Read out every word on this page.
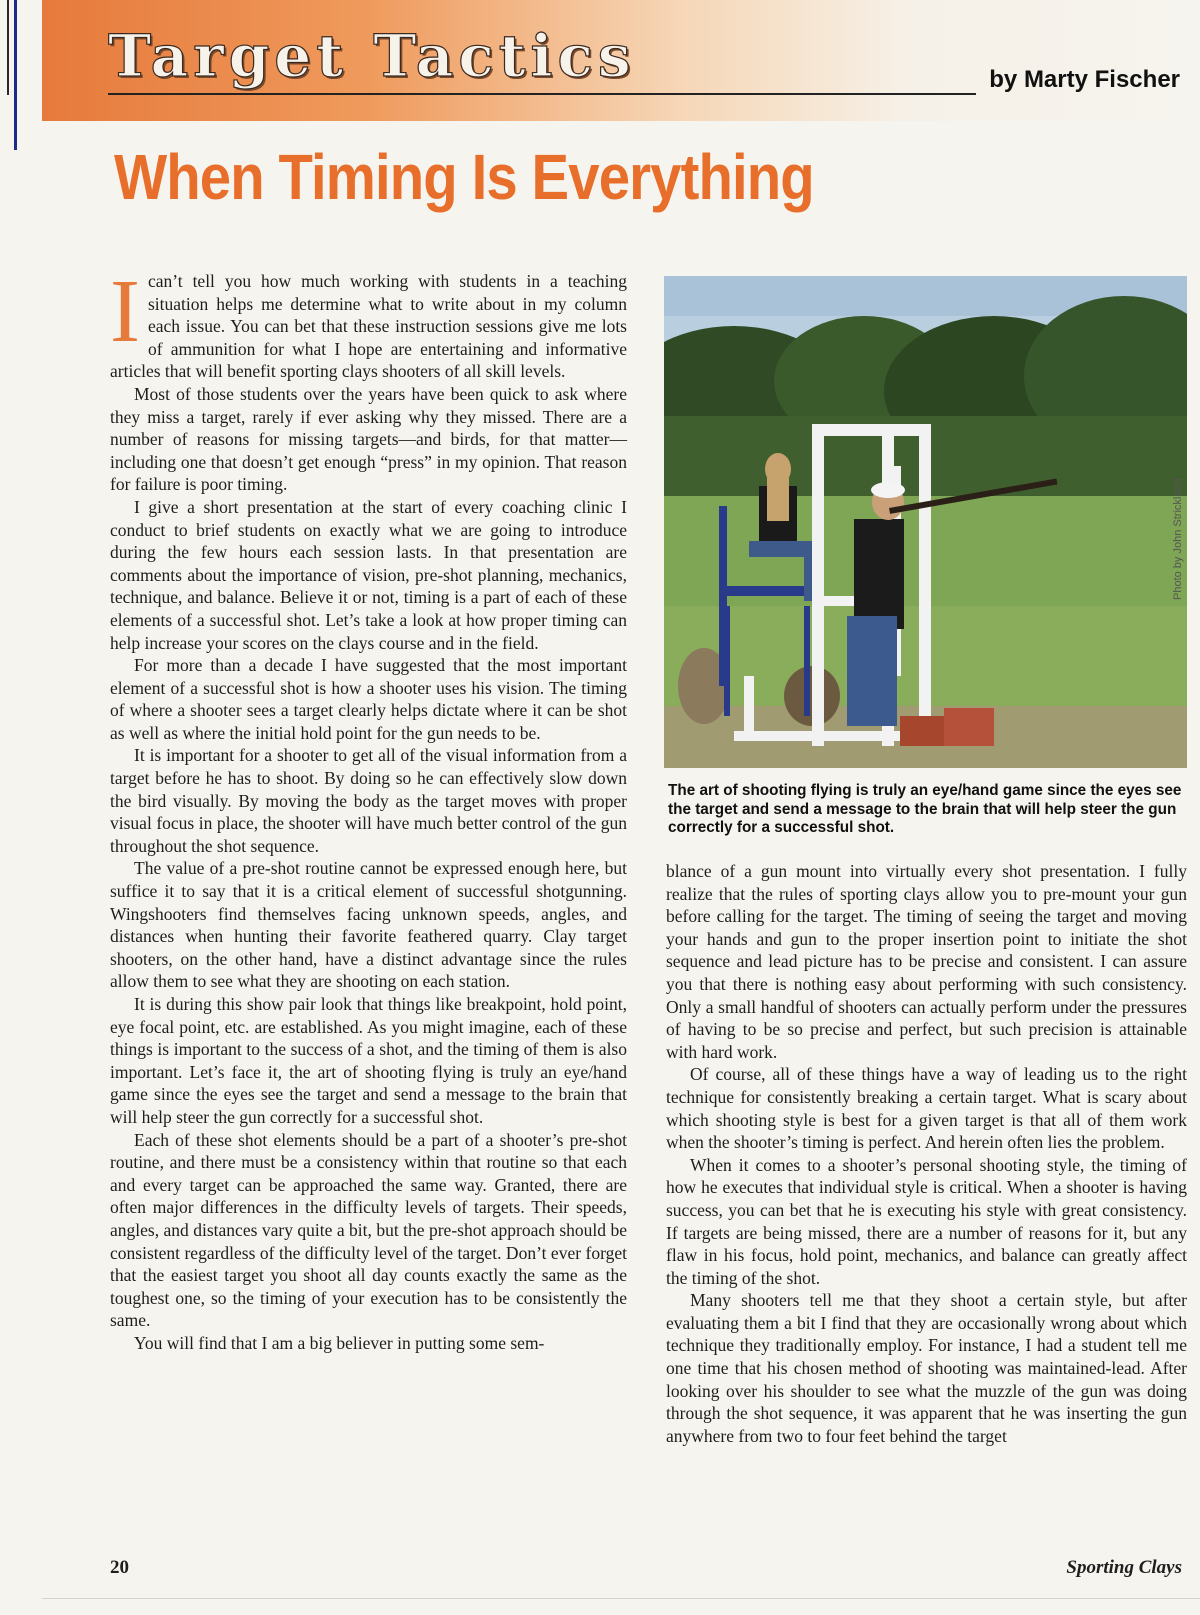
Target Tactics	by Marty Fischer

When Timing Is Everything

Ican’t tell you how much working with students in a teaching situation helps me determine what to write about in my column each issue. You can bet that these instruction sessions give me lots of ammunition for what I hope are entertaining and informative articles that will benefit sporting clays shooters of all skill levels.

Most of those students over the years have been quick to ask where they miss a target, rarely if ever asking why they missed. There are a number of reasons for missing targets—and birds, for that matter—including one that doesn’t get enough “press” in my opinion. That reason for failure is poor timing.

I give a short presentation at the start of every coaching clinic I conduct to brief students on exactly what we are going to introduce during the few hours each session lasts. In that presentation are comments about the importance of vision, pre-shot planning, mechanics, technique, and balance. Believe it or not, timing is a part of each of these elements of a successful shot. Let’s take a look at how proper timing can help increase your scores on the clays course and in the field.

For more than a decade I have suggested that the most important element of a successful shot is how a shooter uses his vision. The timing of where a shooter sees a target clearly helps dictate where it can be shot as well as where the initial hold point for the gun needs to be.

It is important for a shooter to get all of the visual information from a target before he has to shoot. By doing so he can effectively slow down the bird visually. By moving the body as the target moves with proper visual focus in place, the shooter will have much better control of the gun throughout the shot sequence.

The value of a pre-shot routine cannot be expressed enough here, but suffice it to say that it is a critical element of successful shotgunning. Wingshooters find themselves facing unknown speeds, angles, and distances when hunting their favorite feathered quarry. Clay target shooters, on the other hand, have a distinct advantage since the rules allow them to see what they are shooting on each station.

It is during this show pair look that things like breakpoint, hold point, eye focal point, etc. are established. As you might imagine, each of these things is important to the success of a shot, and the timing of them is also important. Let’s face it, the art of shooting flying is truly an eye/hand game since the eyes see the target and send a message to the brain that will help steer the gun correctly for a successful shot.

Each of these shot elements should be a part of a shooter’s pre-shot routine, and there must be a consistency within that routine so that each and every target can be approached the same way. Granted, there are often major differences in the difficulty levels of targets. Their speeds, angles, and distances vary quite a bit, but the pre-shot approach should be consistent regardless of the difficulty level of the target. Don’t ever forget that the easiest target you shoot all day counts exactly the same as the toughest one, so the timing of your execution has to be consistently the same.

You will find that I am a big believer in putting some sem-

Photo by John Strickland

The art of shooting flying is truly an eye/hand game since the eyes see the target and send a message to the brain that will help steer the gun correctly for a successful shot.

blance of a gun mount into virtually every shot presentation. I fully realize that the rules of sporting clays allow you to pre-mount your gun before calling for the target. The timing of seeing the target and moving your hands and gun to the proper insertion point to initiate the shot sequence and lead picture has to be precise and consistent. I can assure you that there is nothing easy about performing with such consistency. Only a small handful of shooters can actually perform under the pressures of having to be so precise and perfect, but such precision is attainable with hard work.

Of course, all of these things have a way of leading us to the right technique for consistently breaking a certain target. What is scary about which shooting style is best for a given target is that all of them work when the shooter’s timing is perfect. And herein often lies the problem.

When it comes to a shooter’s personal shooting style, the timing of how he executes that individual style is critical. When a shooter is having success, you can bet that he is executing his style with great consistency. If targets are being missed, there are a number of reasons for it, but any flaw in his focus, hold point, mechanics, and balance can greatly affect the timing of the shot.

Many shooters tell me that they shoot a certain style, but after evaluating them a bit I find that they are occasionally wrong about which technique they traditionally employ. For instance, I had a student tell me one time that his chosen method of shooting was maintained-lead. After looking over his shoulder to see what the muzzle of the gun was doing through the shot sequence, it was apparent that he was inserting the gun anywhere from two to four feet behind the target

20	Sporting Clays
